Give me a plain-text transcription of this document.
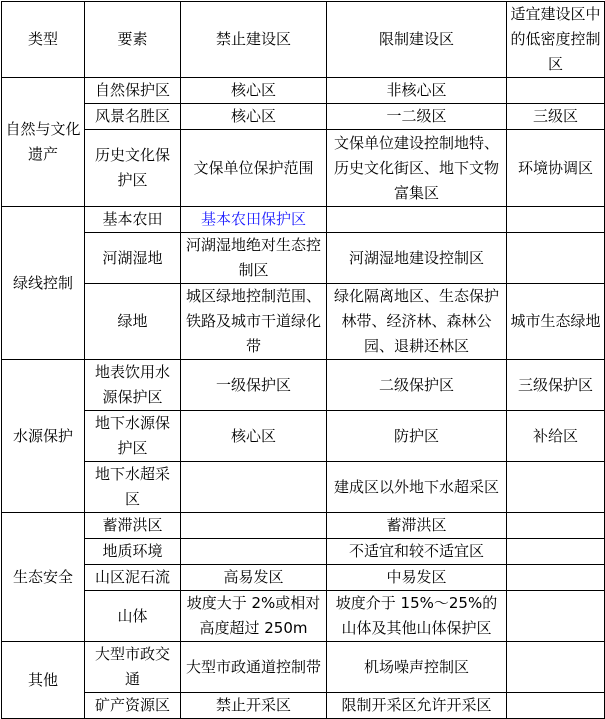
类型	要素	禁止建设区	限制建设区	适宜建设区中的低密度控制区
自然与文化遗产	自然保护区	核心区	非核心区	
	风景名胜区	核心区	一二级区	三级区
	历史文化保护区	文保单位保护范围	文保单位建设控制地特、历史文化街区、地下文物富集区	环境协调区
绿线控制	基本农田	基本农田保护区		
	河湖湿地	河湖湿地绝对生态控制区	河湖湿地建设控制区	
	绿地	城区绿地控制范围、铁路及城市干道绿化带	绿化隔离地区、生态保护林带、经济林、森林公园、退耕还林区	城市生态绿地
水源保护	地表饮用水源保护区	一级保护区	二级保护区	三级保护区
	地下水源保护区	核心区	防护区	补给区
	地下水超采区		建成区以外地下水超采区	
生态安全	蓄滞洪区		蓄滞洪区	
	地质环境		不适宜和较不适宜区	
	山区泥石流	高易发区	中易发区	
	山体	坡度大于 2%或相对高度超过 250m	坡度介于 15%～25%的山体及其他山体保护区	
其他	大型市政交通	大型市政通道控制带	机场噪声控制区	
	矿产资源区	禁止开采区	限制开采区允许开采区	
